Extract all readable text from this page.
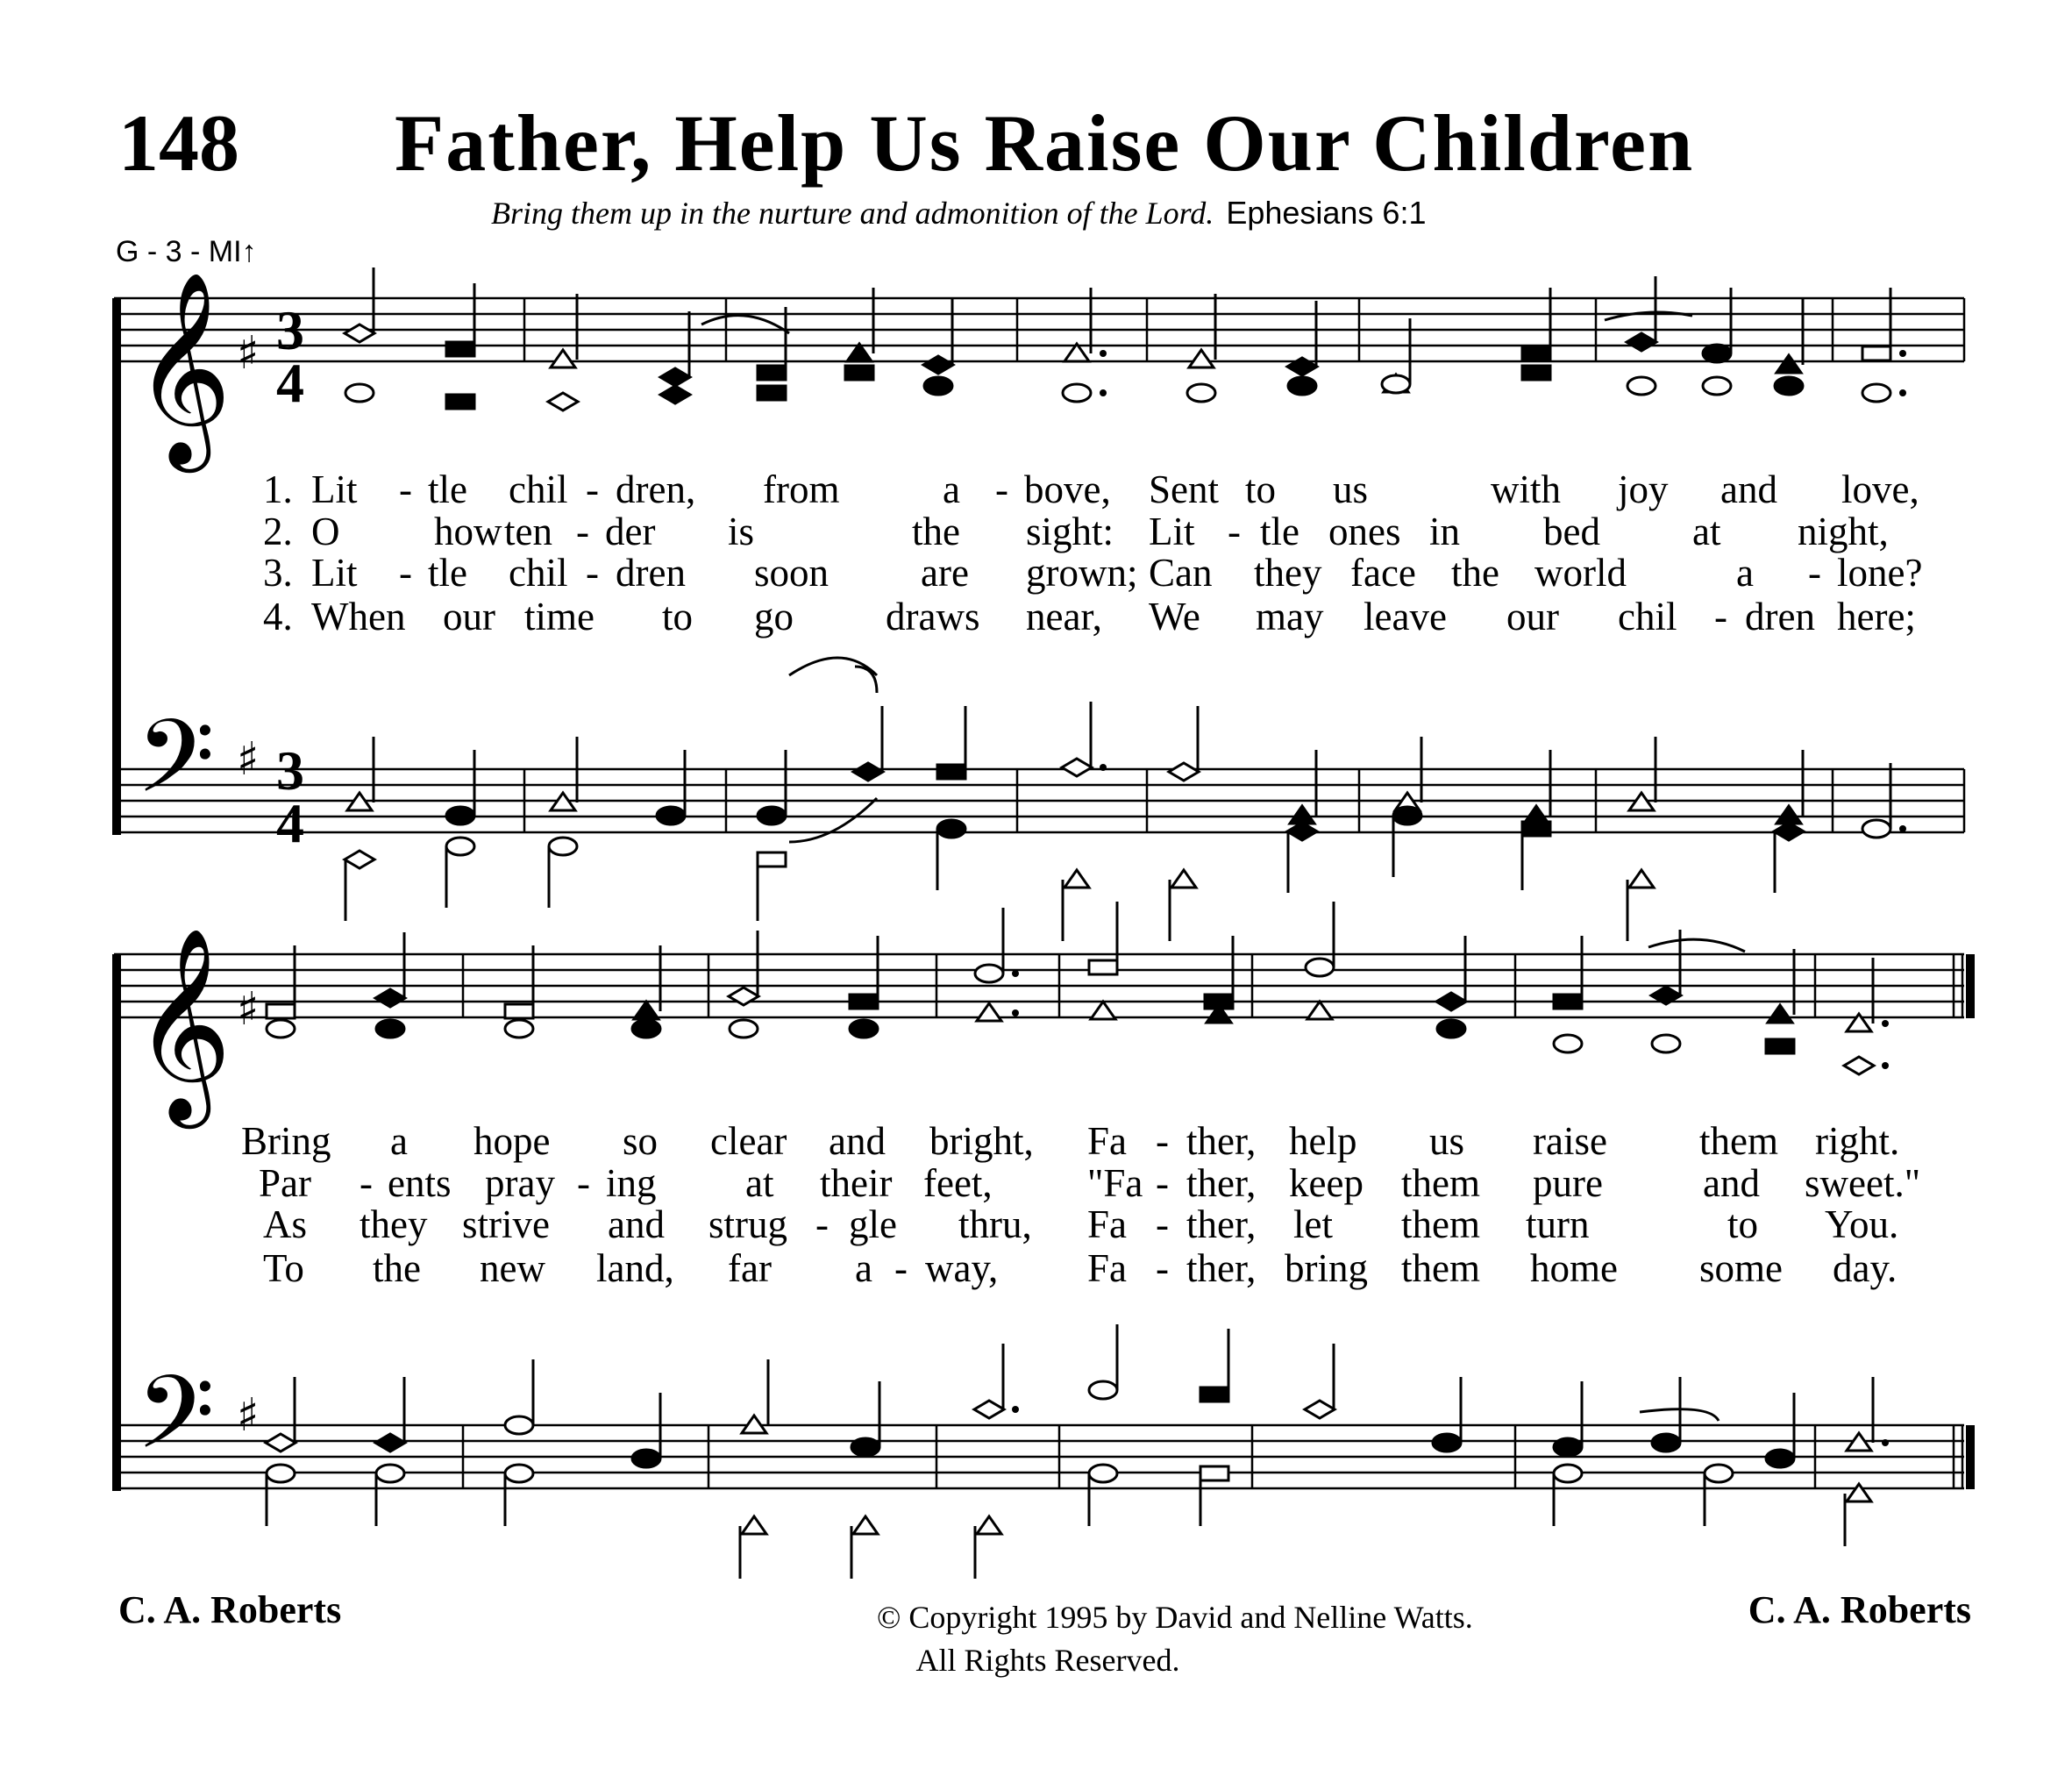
148 Father, Help Us Raise Our Children
Bring them up in the nurture and admonition of the Lord. Ephesians 6:1
G - 3 - MI↑
𝄞
𝄢
♯
♯
3
4
3
4
𝄞
𝄢
♯
♯
1. Lit - tle chil - dren, from	a - bove, Sent to us	with joy and love,
2. O how ten - der is	the sight: Lit - tle ones in bed at night,
3. Lit - tle chil - dren soon are grown; Can they face the world	a - lone?
4. When our time to go draws near, We may leave our chil - dren here;
Bring a hope so clear and bright, Fa - ther, help us raise them right.
Par - ents pray - ing at their feet, "Fa - ther, keep them pure	and sweet."
As they strive and strug - gle thru, Fa - ther, let them turn	to You.
To the new land, far a - way, Fa - ther, bring them home some day.
C. A. Roberts	© Copyright 1995 by David and Nelline Watts.
All Rights Reserved.
C. A. Roberts
